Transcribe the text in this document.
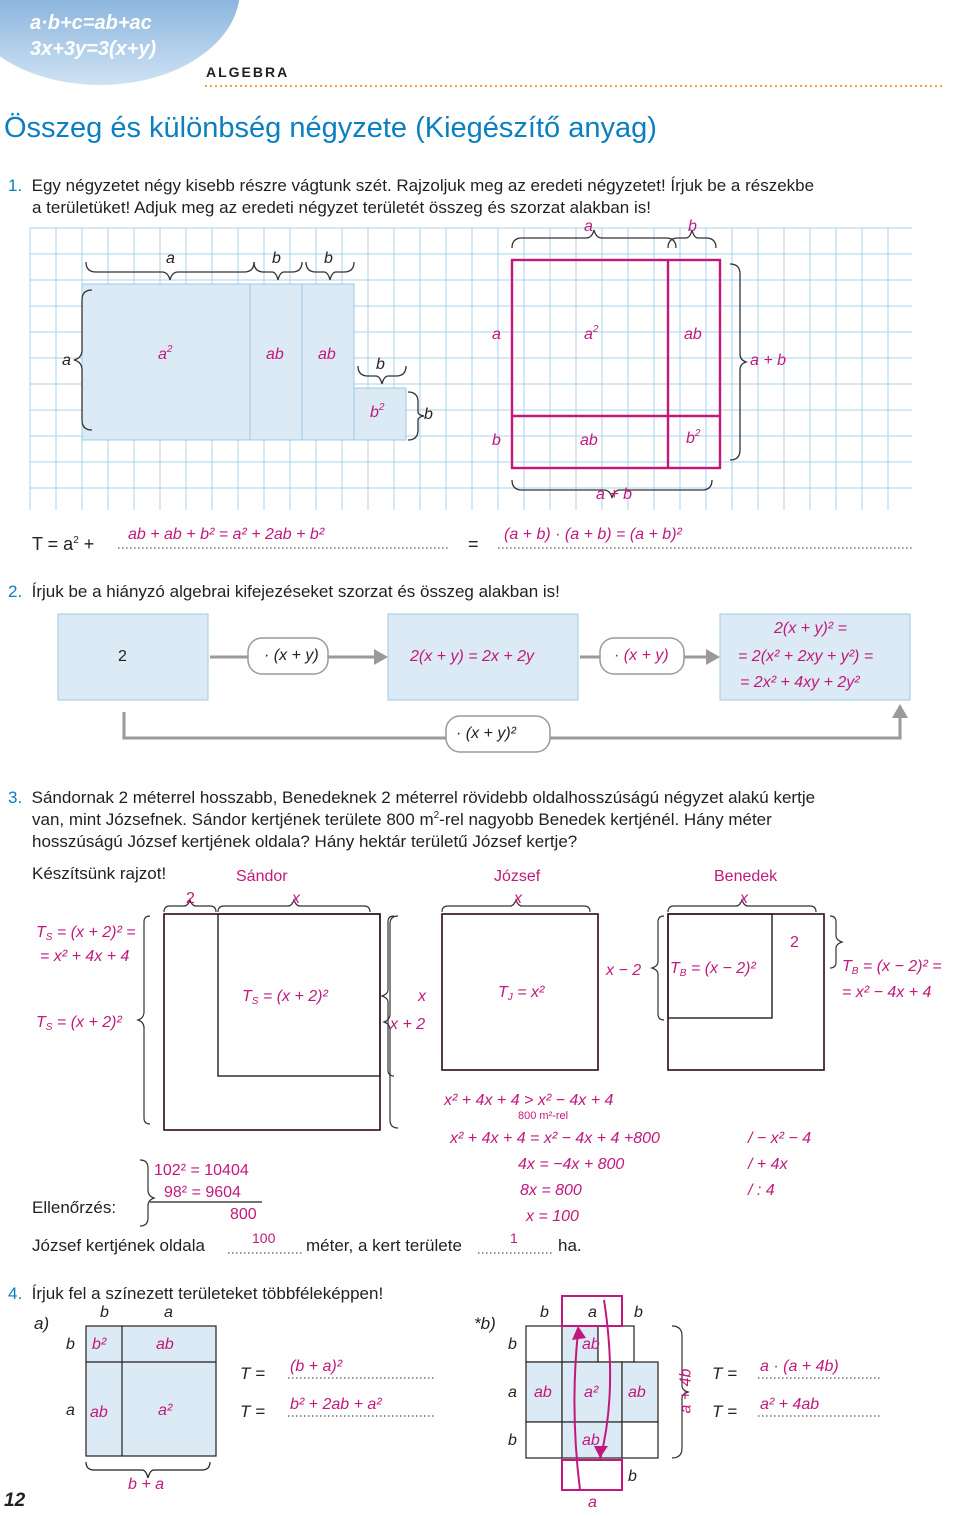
a·b+c=ab+ac 3x+3y=3(x+y)
ALGEBRA
Összeg és különbség négyzete (Kiegészítő anyag)
1. Egy négyzetet négy kisebb részre vágtunk szét. Rajzoljuk meg az eredeti négyzetet! Írjuk be a részekbe
a területüket! Adjuk meg az eredeti négyzet területét összeg és szorzat alakban is!
a	b	b
a	$a^2$	ab ab
b
$b^2$ b
a	b
a
b
$a^2$	ab
ab	$b^2$
a + b
a + b
$T = a^2$ + ab + ab + b² = a² + 2ab + b²	= (a + b) · (a + b) = (a + b)²
2. Írjuk be a hiányzó algebrai kifejezéseket szorzat és összeg alakban is!
2	· (x + y)	2(x + y) = 2x + 2y	· (x + y)
2(x + y)² =
= 2(x² + 2xy + y²) =
= 2x² + 4xy + 2y²
· (x + y)²
3. Sándornak 2 méterrel hosszabb, Benedeknek 2 méterrel rövidebb oldalhosszúságú négyzet alakú kertje
van, mint Józsefnek. Sándor kertjének területe 800 $m^2$-rel nagyobb Benedek kertjénél. Hány méter
hosszúságú József kertjének oldala? Hány hektár területű József kertje?
Készítsünk rajzot!	Sándor	József	Benedek
2	x	x	x
2
$T_S = (x + 2)^2$ =
= x² + 4x + 4
$T_S = (x + 2)^2$
$T_S = (x + 2)^2$	x
x + 2
$T_J = x^2$
x − 2 $T_B = (x - 2)^2$	$T_B = (x - 2)^2$ =
= x² − 4x + 4
x² + 4x + 4 > x² − 4x + 4
800 m²-rel
x² + 4x + 4 = x² − 4x + 4 +800	/ − x² − 4
4x = −4x + 800	/ + 4x
8x = 800	/ : 4
x = 100
102² = 10404
98² = 9604
800
Ellenőrzés:
József kertjének oldala	100 méter, a kert területe	1 ha.
4. Írjuk fel a színezett területeket többféleképpen!
a)
b	a
b
a
b²	ab
ab	a²
b + a
T = (b + a)²
T = b² + 2ab + a²
*b)
b a b
b
a
b
ab
ab a² ab
ab
b
a
a + 4b T = a · (a + 4b)
T = a² + 4ab
12
